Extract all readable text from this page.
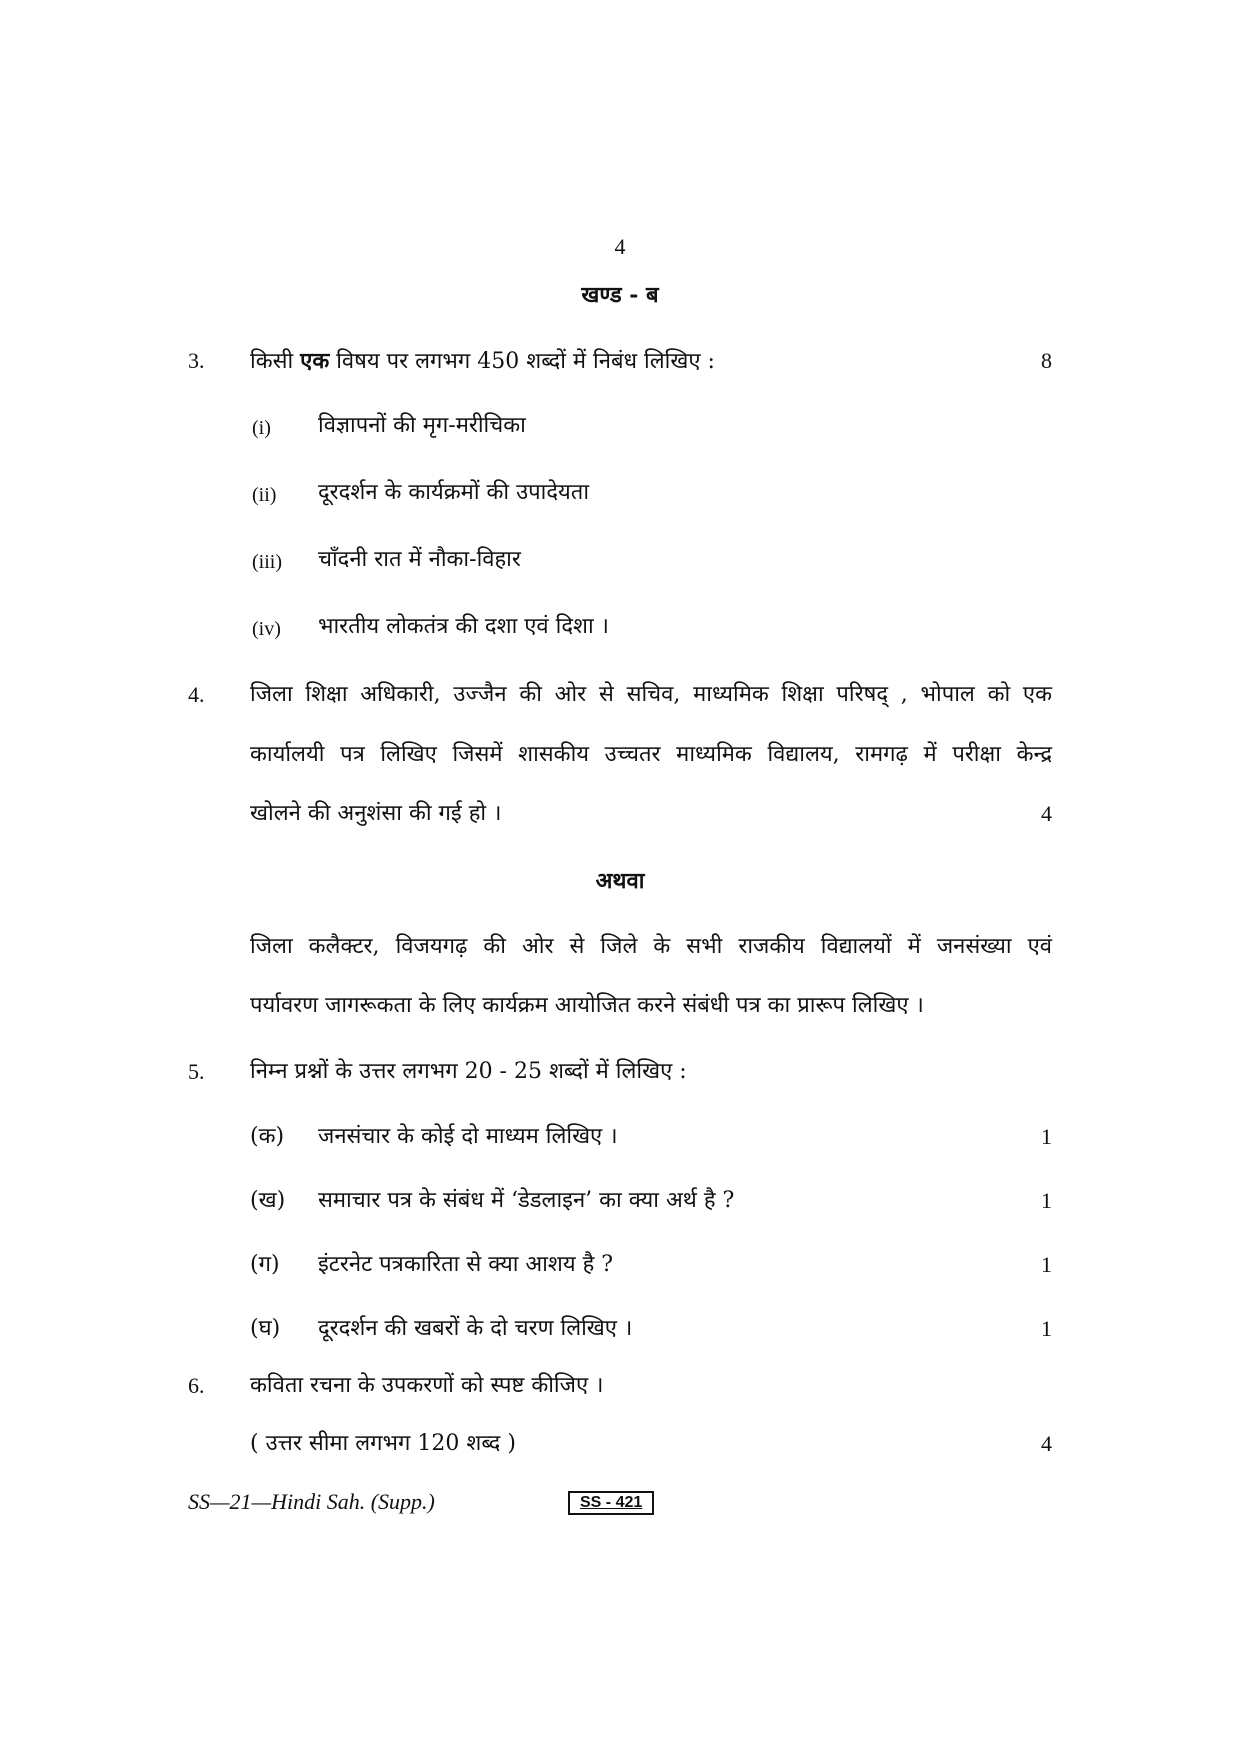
4
खण्ड - ब
3. किसी एक विषय पर लगभग 450 शब्दों में निबंध लिखिए :	8
(i) विज्ञापनों की मृग-मरीचिका
(ii) दूरदर्शन के कार्यक्रमों की उपादेयता
(iii) चाँदनी रात में नौका-विहार
(iv) भारतीय लोकतंत्र की दशा एवं दिशा ।
4. जिला शिक्षा अधिकारी, उज्जैन की ओर से सचिव, माध्यमिक शिक्षा परिषद् , भोपाल को एक
कार्यालयी पत्र लिखिए जिसमें शासकीय उच्चतर माध्यमिक विद्यालय, रामगढ़ में परीक्षा केन्द्र
खोलने की अनुशंसा की गई हो ।	4
अथवा
जिला कलैक्टर, विजयगढ़ की ओर से जिले के सभी राजकीय विद्यालयों में जनसंख्या एवं
पर्यावरण जागरूकता के लिए कार्यक्रम आयोजित करने संबंधी पत्र का प्रारूप लिखिए ।
5. निम्न प्रश्नों के उत्तर लगभग 20 - 25 शब्दों में लिखिए :
(क) जनसंचार के कोई दो माध्यम लिखिए ।	1
(ख) समाचार पत्र के संबंध में ‘डेडलाइन’ का क्या अर्थ है ?	1
(ग) इंटरनेट पत्रकारिता से क्या आशय है ?	1
(घ) दूरदर्शन की खबरों के दो चरण लिखिए ।	1
6. कविता रचना के उपकरणों को स्पष्ट कीजिए ।
( उत्तर सीमा लगभग 120 शब्द )	4
SS—21—Hindi Sah. (Supp.)	SS - 421
